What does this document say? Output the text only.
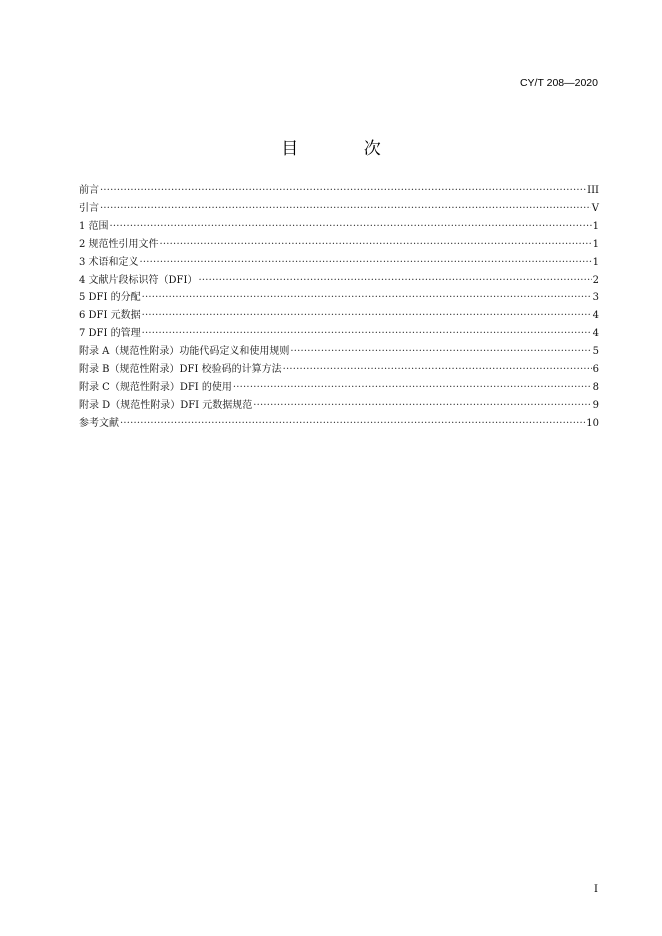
CY/T 208—2020
目 次
前言 ·····	III
引言 ·····	V
1 范围 ·····	1
2 规范性引用文件 ·····	1
3 术语和定义 ·····	1
4 文献片段标识符（DFI） ·····	2
5 DFI 的分配 ·····	3
6 DFI 元数据 ·····	4
7 DFI 的管理 ·····	4
附录 A（规范性附录）功能代码定义和使用规则 ·····	5
附录 B（规范性附录）DFI 校验码的计算方法 ·····	6
附录 C（规范性附录）DFI 的使用 ·····	8
附录 D（规范性附录）DFI 元数据规范 ·····	9
参考文献 ·····	10
I
